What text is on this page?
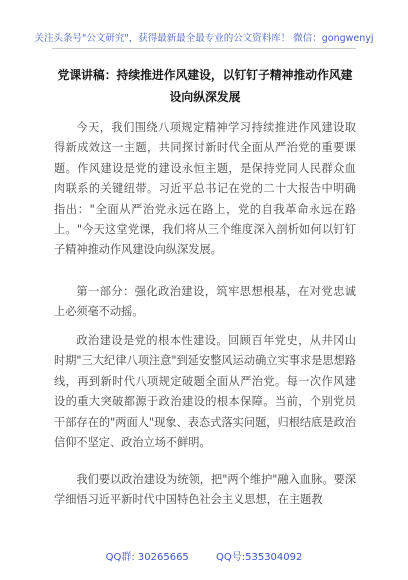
关注头条号"公文研究"，获得最新最全最专业的公文资料库！ 微信：gongwenyj
党课讲稿：持续推进作风建设，以钉钉子精神推动作风建设向纵深发展

今天，我们围绕八项规定精神学习持续推进作风建设取得新成效这一主题，共同探讨新时代全面从严治党的重要课题。作风建设是党的建设永恒主题，是保持党同人民群众血肉联系的关键纽带。习近平总书记在党的二十大报告中明确指出："全面从严治党永远在路上，党的自我革命永远在路上。"今天这堂党课，我们将从三个维度深入剖析如何以钉钉子精神推动作风建设向纵深发展。

第一部分：强化政治建设，筑牢思想根基，在对党忠诚上必须毫不动摇。

政治建设是党的根本性建设。回顾百年党史，从井冈山时期"三大纪律八项注意"到延安整风运动确立实事求是思想路线，再到新时代八项规定破题全面从严治党。每一次作风建设的重大突破都源于政治建设的根本保障。当前，个别党员干部存在的"两面人"现象、表态式落实问题，归根结底是政治信仰不坚定、政治立场不鲜明。

我们要以政治建设为统领，把"两个维护"融入血脉。要深学细悟习近平新时代中国特色社会主义思想，在主题教

QQ群: 30265665	QQ号:535304092
